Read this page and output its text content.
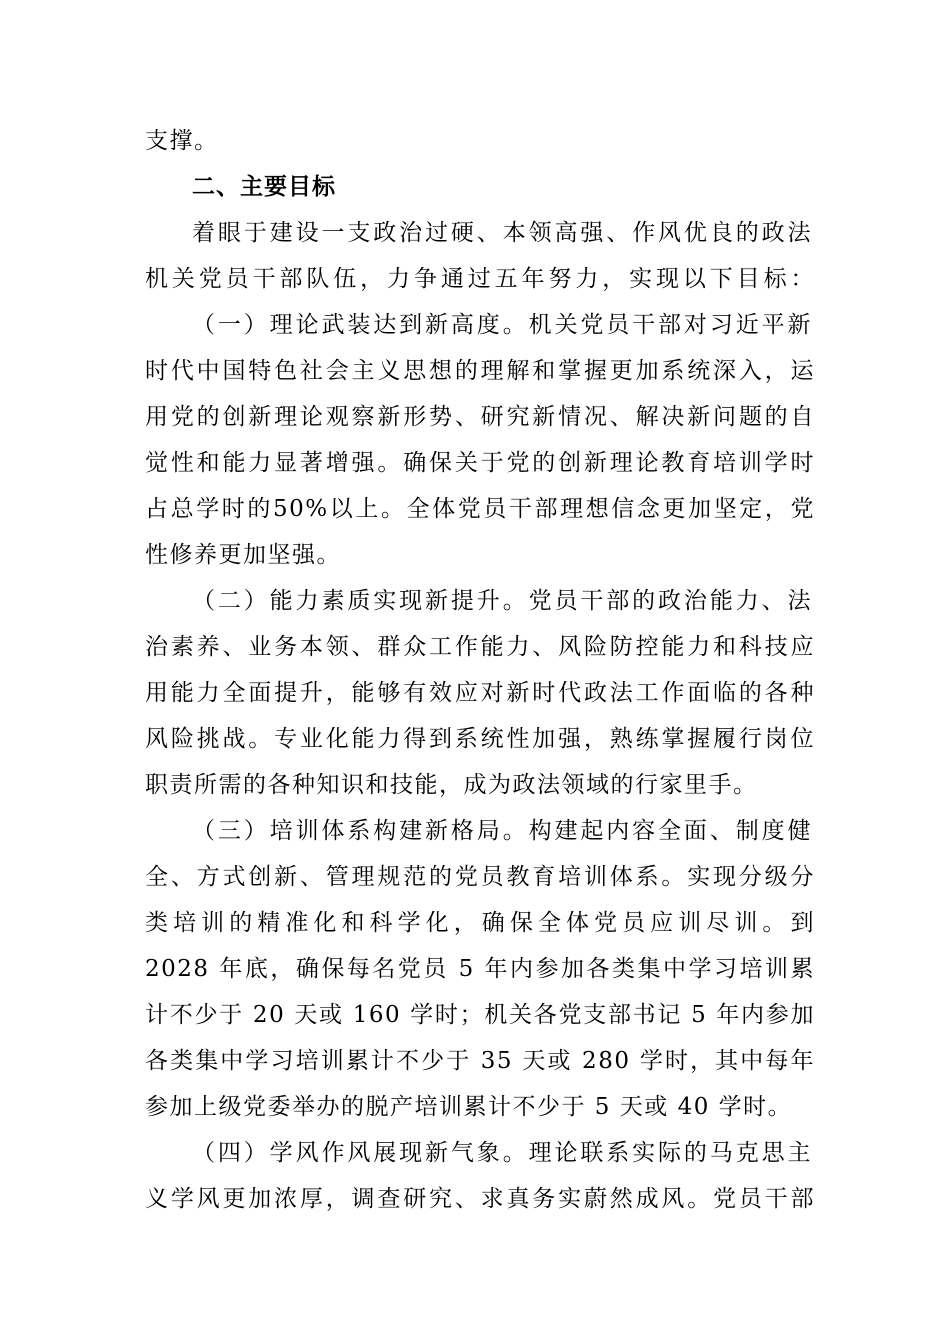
支撑。
二、主要目标
着眼于建设一支政治过硬、本领高强、作风优良的政法
机关党员干部队伍，力争通过五年努力，实现以下目标：
（一）理论武装达到新高度。机关党员干部对习近平新
时代中国特色社会主义思想的理解和掌握更加系统深入，运
用党的创新理论观察新形势、研究新情况、解决新问题的自
觉性和能力显著增强。确保关于党的创新理论教育培训学时
占总学时的50%以上。全体党员干部理想信念更加坚定，党
性修养更加坚强。
（二）能力素质实现新提升。党员干部的政治能力、法
治素养、业务本领、群众工作能力、风险防控能力和科技应
用能力全面提升，能够有效应对新时代政法工作面临的各种
风险挑战。专业化能力得到系统性加强，熟练掌握履行岗位
职责所需的各种知识和技能，成为政法领域的行家里手。
（三）培训体系构建新格局。构建起内容全面、制度健
全、方式创新、管理规范的党员教育培训体系。实现分级分
类培训的精准化和科学化，确保全体党员应训尽训。到
2028 年底，确保每名党员 5 年内参加各类集中学习培训累
计不少于 20 天或 160 学时；机关各党支部书记 5 年内参加
各类集中学习培训累计不少于 35 天或 280 学时，其中每年
参加上级党委举办的脱产培训累计不少于 5 天或 40 学时。
（四）学风作风展现新气象。理论联系实际的马克思主
义学风更加浓厚，调查研究、求真务实蔚然成风。党员干部
